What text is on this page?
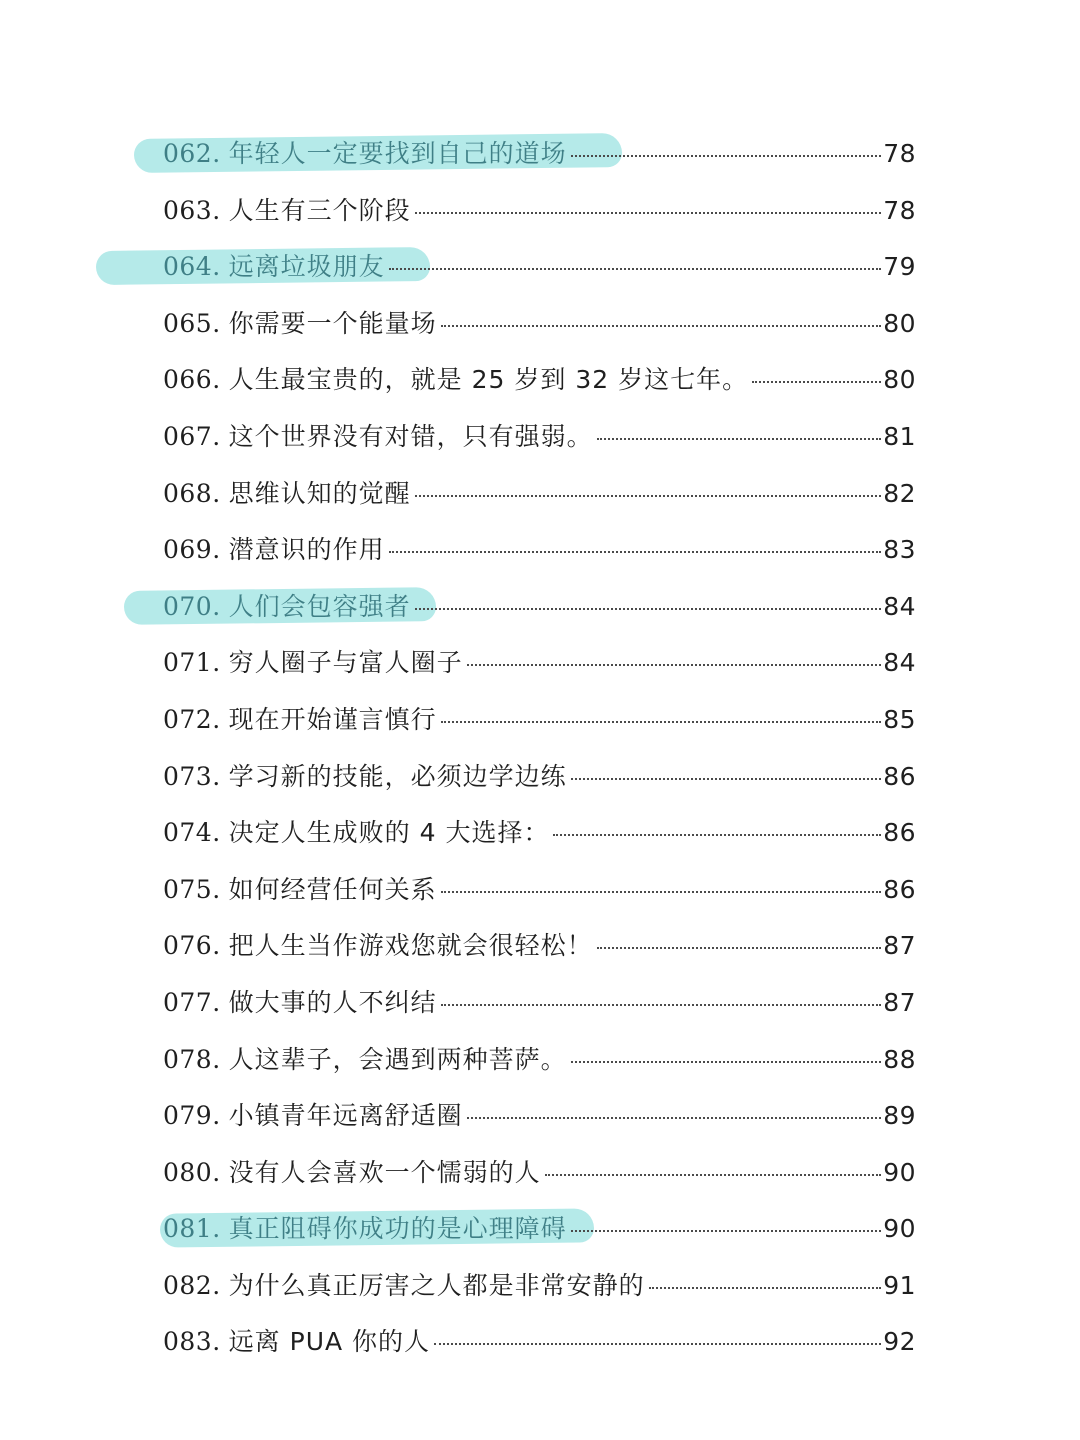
062. 年轻人一定要找到自己的道场	78
063. 人生有三个阶段	78
064. 远离垃圾朋友	79
065. 你需要一个能量场	80
066. 人生最宝贵的，就是 25 岁到 32 岁这七年。	80
067. 这个世界没有对错，只有强弱。	81
068. 思维认知的觉醒	82
069. 潜意识的作用	83
070. 人们会包容强者	84
071. 穷人圈子与富人圈子	84
072. 现在开始谨言慎行	85
073. 学习新的技能，必须边学边练	86
074. 决定人生成败的 4 大选择：	86
075. 如何经营任何关系	86
076. 把人生当作游戏您就会很轻松！	87
077. 做大事的人不纠结	87
078. 人这辈子，会遇到两种菩萨。	88
079. 小镇青年远离舒适圈	89
080. 没有人会喜欢一个懦弱的人	90
081. 真正阻碍你成功的是心理障碍	90
082. 为什么真正厉害之人都是非常安静的	91
083. 远离 PUA 你的人	92
